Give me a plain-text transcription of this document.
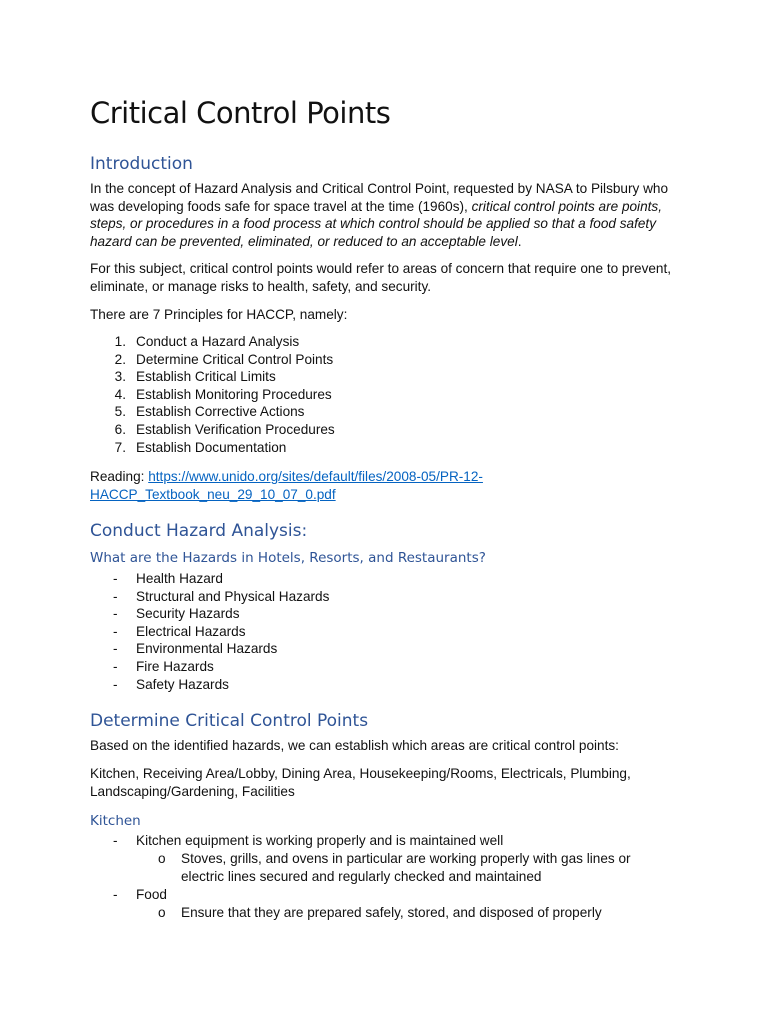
Critical Control Points
Introduction

In the concept of Hazard Analysis and Critical Control Point, requested by NASA to Pilsbury who was developing foods safe for space travel at the time (1960s), critical control points are points, steps, or procedures in a food process at which control should be applied so that a food safety hazard can be prevented, eliminated, or reduced to an acceptable level.

For this subject, critical control points would refer to areas of concern that require one to prevent, eliminate, or manage risks to health, safety, and security.

There are 7 Principles for HACCP, namely:

1. Conduct a Hazard Analysis
2. Determine Critical Control Points
3. Establish Critical Limits
4. Establish Monitoring Procedures
5. Establish Corrective Actions
6. Establish Verification Procedures
7. Establish Documentation

Reading: https://www.unido.org/sites/default/files/2008-05/PR-12-
HACCP_Textbook_neu_29_10_07_0.pdf

Conduct Hazard Analysis:
What are the Hazards in Hotels, Resorts, and Restaurants?
- Health Hazard
- Structural and Physical Hazards
- Security Hazards
- Electrical Hazards
- Environmental Hazards
- Fire Hazards
- Safety Hazards
Determine Critical Control Points

Based on the identified hazards, we can establish which areas are critical control points:

Kitchen, Receiving Area/Lobby, Dining Area, Housekeeping/Rooms, Electricals, Plumbing, Landscaping/Gardening, Facilities

Kitchen
- Kitchen equipment is working properly and is maintained well
o Stoves, grills, and ovens in particular are working properly with gas lines or electric lines secured and regularly checked and maintained
- Food
o Ensure that they are prepared safely, stored, and disposed of properly
